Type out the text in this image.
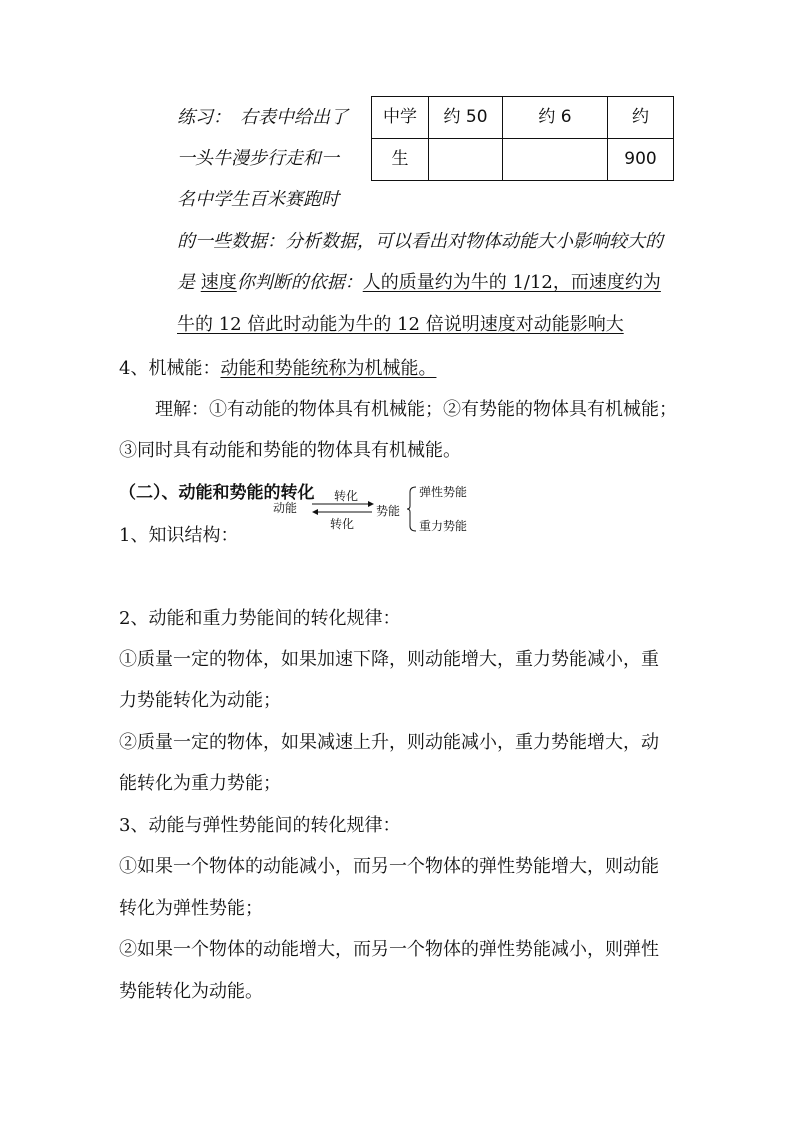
练习：　右表中给出了
一头牛漫步行走和一
名中学生百米赛跑时
中学	约 50	约 6	约
生			900
的一些数据：分析数据，可以看出对物体动能大小影响较大的
是 速度你判断的依据：人的质量约为牛的 1/12，而速度约为
牛的 12 倍此时动能为牛的 12 倍说明速度对动能影响大
4、机械能：动能和势能统称为机械能。
理解：①有动能的物体具有机械能；②有势能的物体具有机械能；
③同时具有动能和势能的物体具有机械能。
（二）、动能和势能的转化
1、知识结构：
动能
转化
转化
势能
弹性势能
重力势能
2、动能和重力势能间的转化规律：
①质量一定的物体，如果加速下降，则动能增大，重力势能减小，重
力势能转化为动能；
②质量一定的物体，如果减速上升，则动能减小，重力势能增大，动
能转化为重力势能；
3、动能与弹性势能间的转化规律：
①如果一个物体的动能减小，而另一个物体的弹性势能增大，则动能
转化为弹性势能；
②如果一个物体的动能增大，而另一个物体的弹性势能减小，则弹性
势能转化为动能。
